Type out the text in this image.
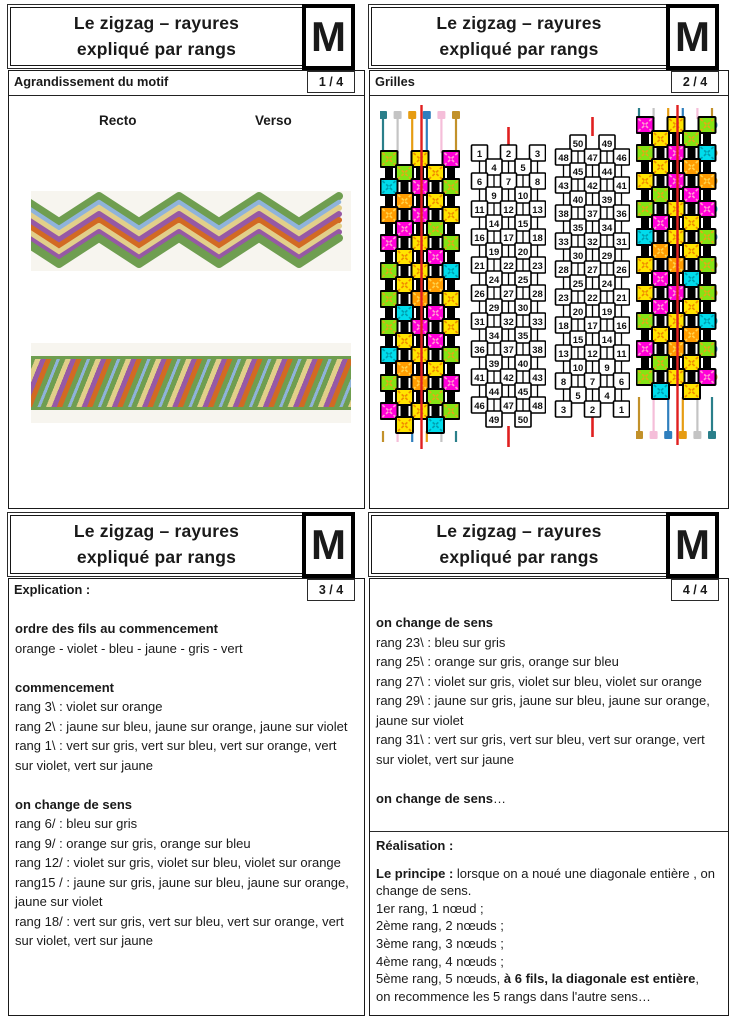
Le zigzag – rayures
expliqué par rangs	M
1 / 4
Agrandissement du motif
Recto	Verso
Le zigzag – rayures
expliqué par rangs	M
2 / 4
Grilles
1 2 3
4 5
6 7 8
9 10
11 12 13
14 15
16 17 18
19 20
21 22 23
24 25
26 27 28
29 30
31 32 33
34 35
36 37 38
39 40
41 42 43
44 45
46 47 48
49 50
50 49
48 47 46
45 44
43 42 41
40 39
38 37 36
35 34
33 32 31
30 29
28 27 26
25 24
23 22 21
20 19
18 17 16
15 14
13 12 11
10 9
8 7 6
5 4
3 2 1
Le zigzag – rayures
expliqué par rangs	M
3 / 4
Explication :
ordre des fils au commencement
orange - violet - bleu - jaune - gris - vert
commencement
rang 3\ : violet sur orange
rang 2\ : jaune sur bleu, jaune sur orange, jaune sur violet
rang 1\ : vert sur gris, vert sur bleu, vert sur orange, vert sur violet, vert sur jaune
on change de sens
rang 6/ : bleu sur gris
rang 9/ : orange sur gris, orange sur bleu
rang 12/ : violet sur gris, violet sur bleu, violet sur orange
rang15 / : jaune sur gris, jaune sur bleu, jaune sur orange, jaune sur violet
rang 18/ : vert sur gris, vert sur bleu, vert sur orange, vert sur violet, vert sur jaune
Le zigzag – rayures
expliqué par rangs	M
4 / 4
on change de sens
rang 23\ : bleu sur gris
rang 25\ : orange sur gris, orange sur bleu
rang 27\ : violet sur gris, violet sur bleu, violet sur orange
rang 29\ : jaune sur gris, jaune sur bleu, jaune sur orange, jaune sur violet
rang 31\ : vert sur gris, vert sur bleu, vert sur orange, vert sur violet, vert sur jaune
on change de sens…
Réalisation :
Le principe : lorsque on a noué une diagonale entière , on change de sens.
1er rang, 1 nœud ;
2ème rang, 2 nœuds ;
3ème rang, 3 nœuds ;
4ème rang, 4 nœuds ;
5ème rang, 5 nœuds, à 6 fils, la diagonale est entière,
on recommence les 5 rangs dans l'autre sens…
